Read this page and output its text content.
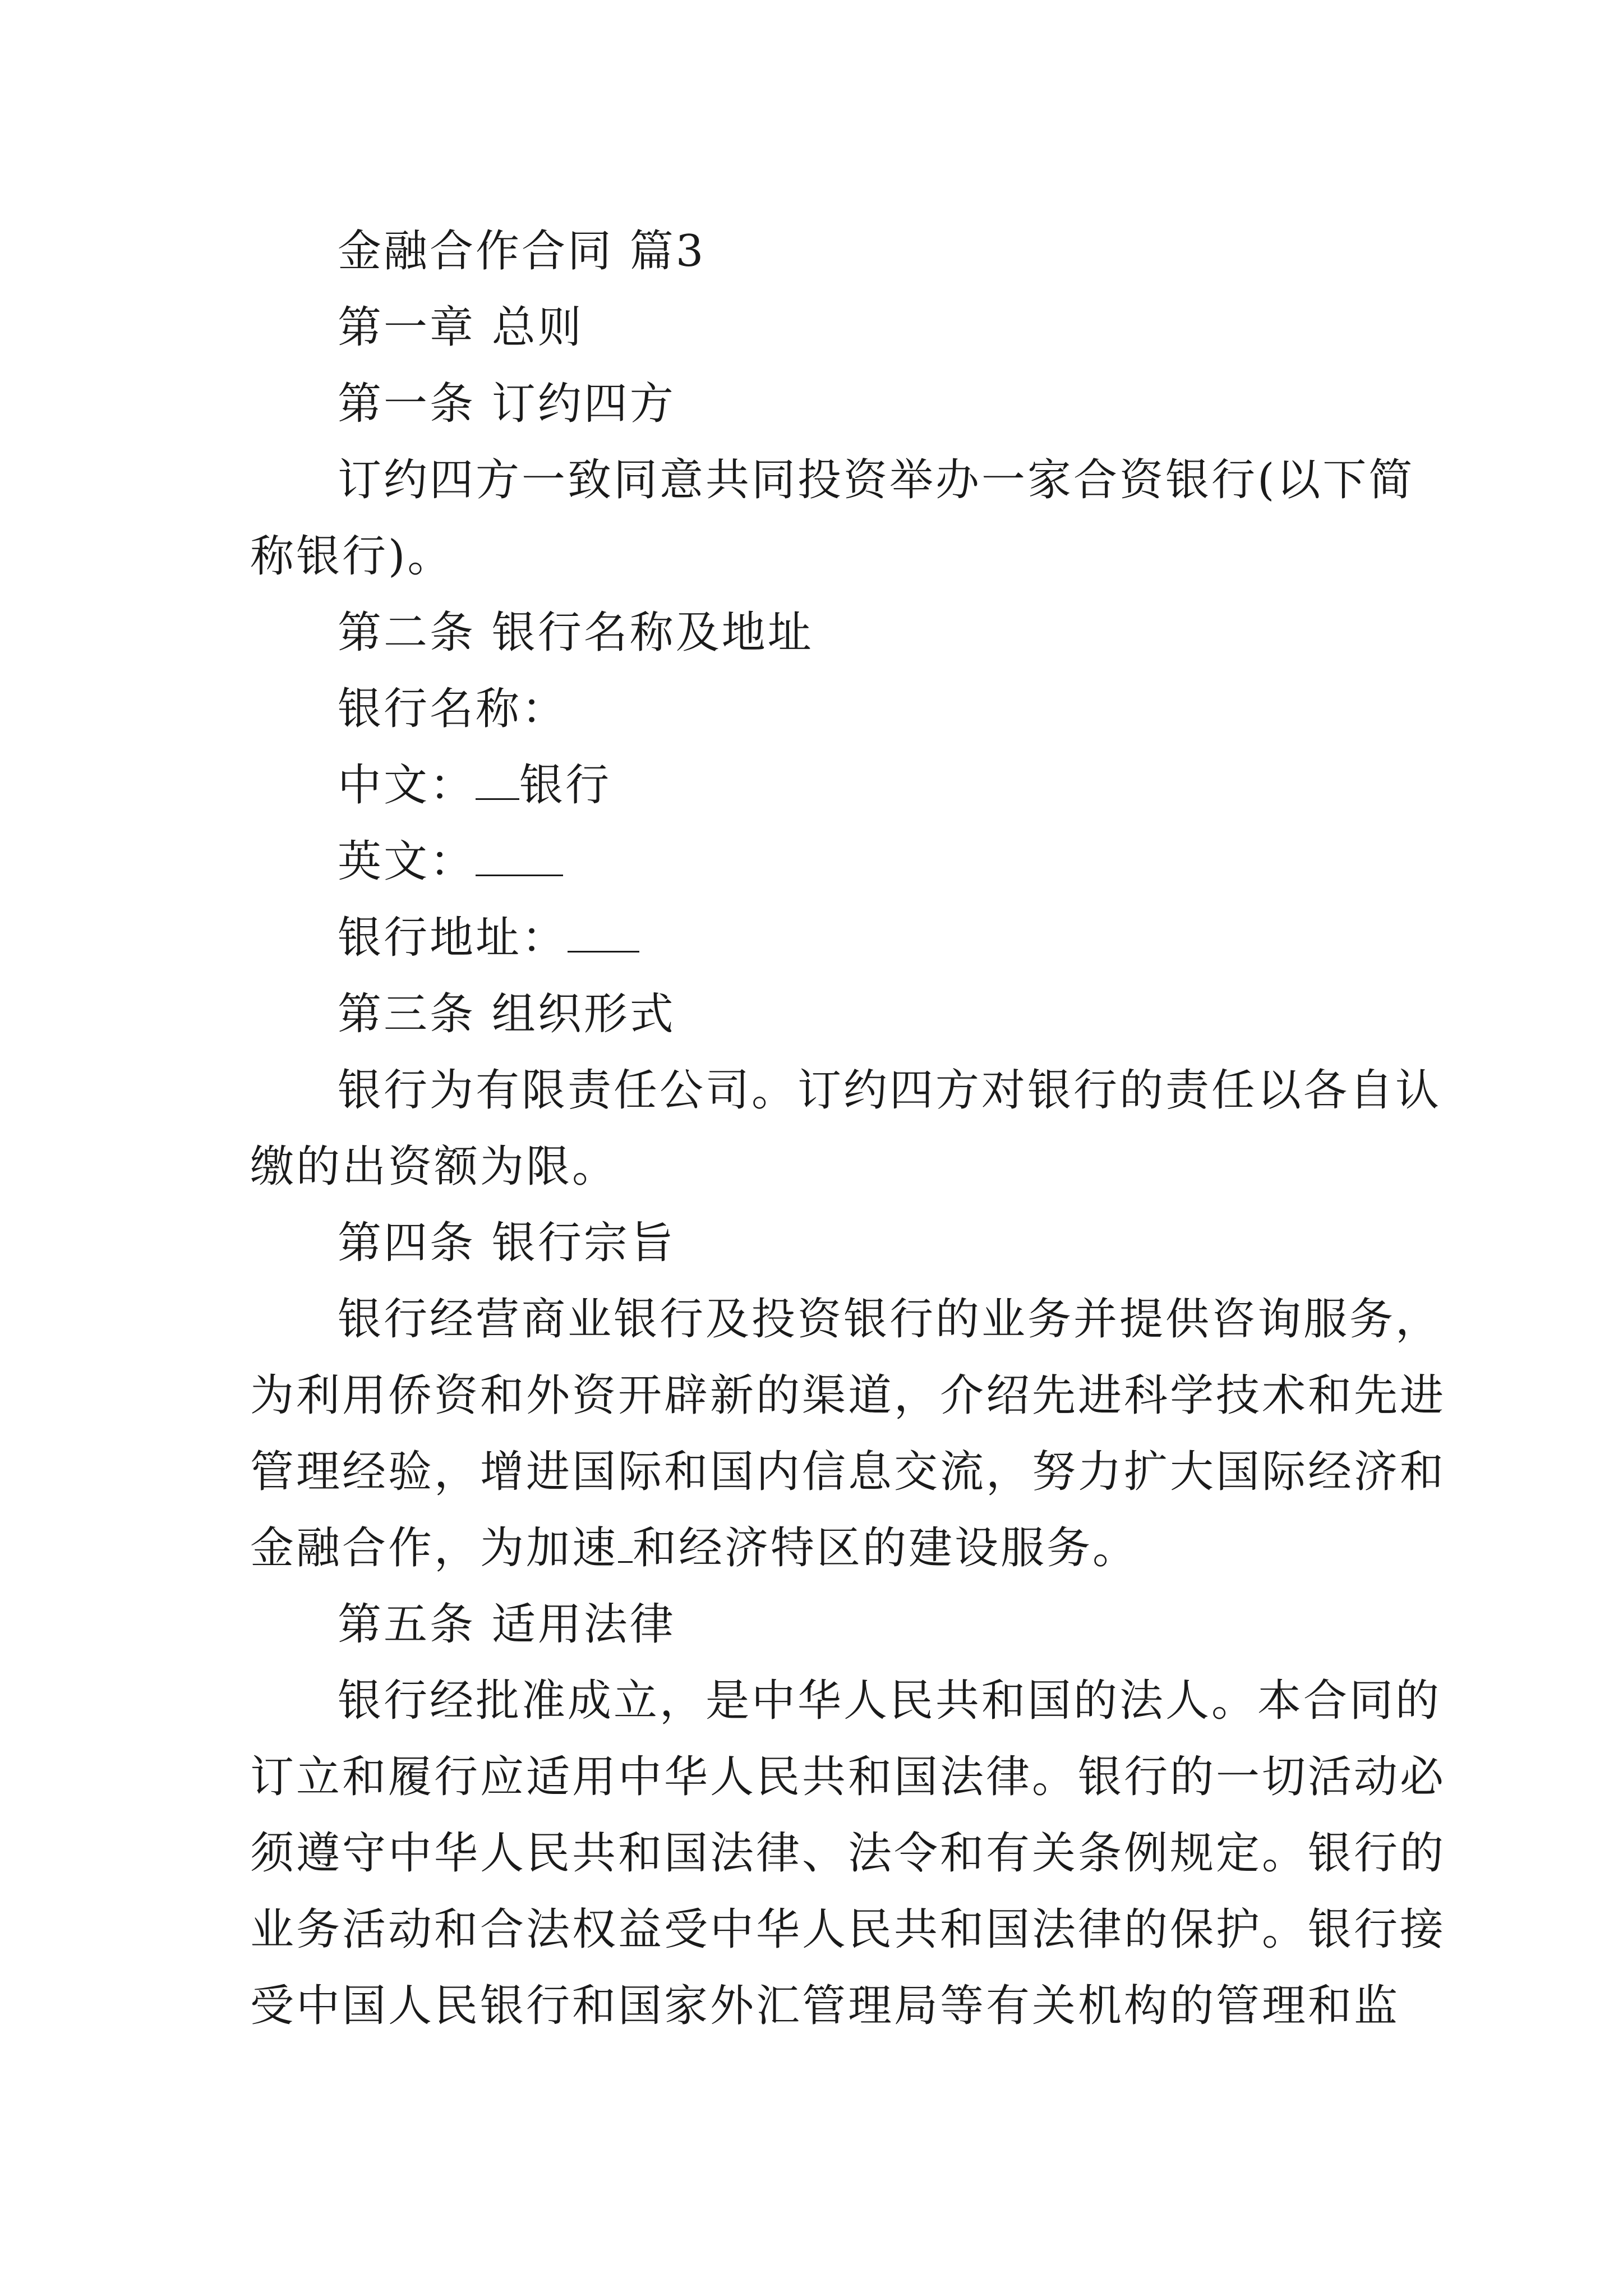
金融合作合同 篇3
第一章 总则
第一条 订约四方
订约四方一致同意共同投资举办一家合资银行(以下简
称银行)。
第二条 银行名称及地址
银行名称：
中文： 银行
英文：
银行地址：
第三条 组织形式
银行为有限责任公司。订约四方对银行的责任以各自认
缴的出资额为限。
第四条 银行宗旨
银行经营商业银行及投资银行的业务并提供咨询服务，
为利用侨资和外资开辟新的渠道，介绍先进科学技术和先进
管理经验，增进国际和国内信息交流，努力扩大国际经济和
金融合作，为加速 和经济特区的建设服务。
第五条 适用法律
银行经批准成立，是中华人民共和国的法人。本合同的
订立和履行应适用中华人民共和国法律。银行的一切活动必
须遵守中华人民共和国法律、法令和有关条例规定。银行的
业务活动和合法权益受中华人民共和国法律的保护。银行接
受中国人民银行和国家外汇管理局等有关机构的管理和监
